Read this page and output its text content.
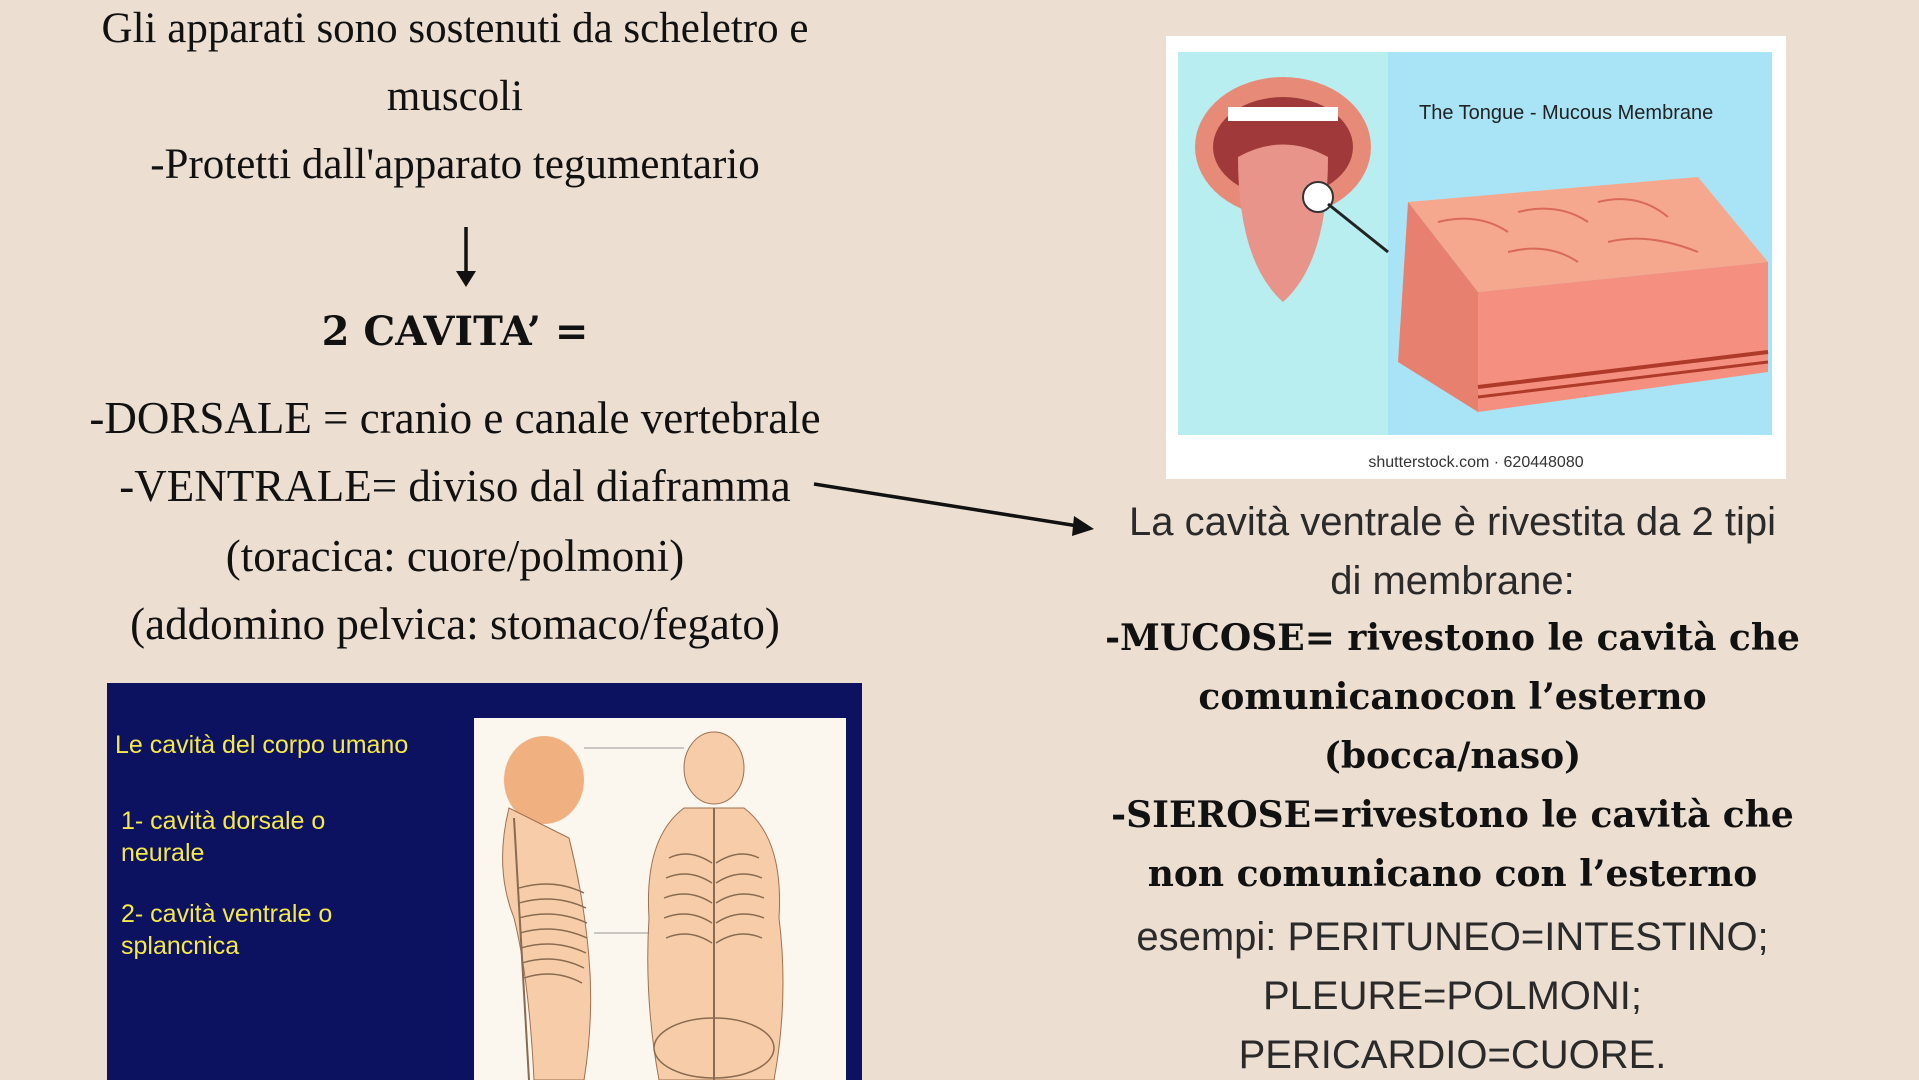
Gli apparati sono sostenuti da scheletro e
muscoli
-Protetti dall'apparato tegumentario
2 CAVITA’ =
-DORSALE = cranio e canale vertebrale
-VENTRALE= diviso dal diaframma
(toracica: cuore/polmoni)
(addomino pelvica: stomaco/fegato)
Le cavità del corpo umano
1- cavità dorsale o
neurale
2- cavità ventrale o
splancnica
The Tongue - Mucous Membrane
shutterstock.com · 620448080
La cavità ventrale è rivestita da 2 tipi
di membrane:
-MUCOSE= rivestono le cavità che
comunicanocon l’esterno
(bocca/naso)
-SIEROSE=rivestono le cavità che
non comunicano con l’esterno
esempi: PERITUNEO=INTESTINO;
PLEURE=POLMONI;
PERICARDIO=CUORE.
